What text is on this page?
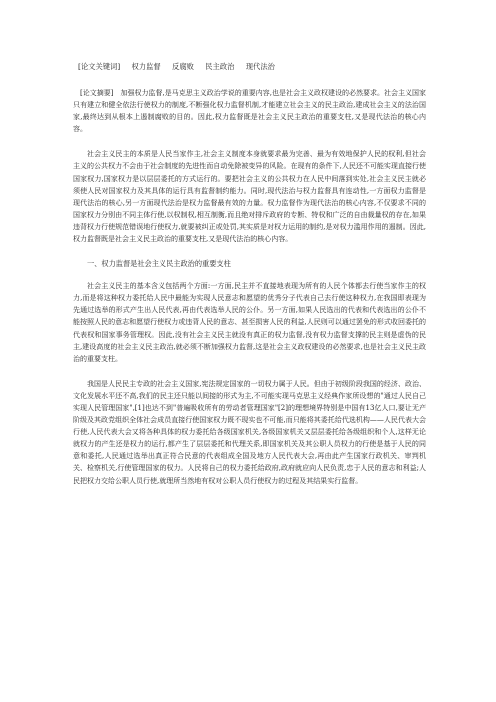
[论文关键词] 权力监督 反腐败 民主政治 现代法治

[论文摘要]　加强权力监督,是马克思主义政治学说的重要内容,也是社会主义政权建设的必然要求。社会主义国家只有建立和健全依法行使权力的制度,不断强化权力监督机制,才能建立社会主义的民主政治,建成社会主义的法治国家,最终达到从根本上遏制腐败的目的。因此,权力监督既是社会主义民主政治的重要支柱,又是现代法治的核心内容。

社会主义民主的本质是人民当家作主,社会主义制度本身就要求最为完善、最为有效地保护人民的权利,但社会主义的公共权力不会由于社会制度的先进性而自动免除被变异的风险。在现有的条件下,人民还不可能实现直接行使国家权力,国家权力是以层层委托的方式运行的。要把社会主义的公共权力在人民中间落到实处,社会主义民主就必须使人民对国家权力及其具体的运行具有监督制约能力。同时,现代法治与权力监督具有连动性,一方面权力监督是现代法治的核心,另一方面现代法治是权力监督最有效的力量。权力监督作为现代法治的核心内容,不仅要求不同的国家权力分别由不同主体行使,以权制权,相互制衡,而且绝对排斥政府的专断、特权和广泛的自由裁量权的存在,如果违背权力行使规范错误地行使权力,就要被纠正或处罚,其实质是对权力运用的制约,是对权力滥用作用的遏制。因此,权力监督既是社会主义民主政治的重要支柱,又是现代法治的核心内容。

一、权力监督是社会主义民主政治的重要支柱

社会主义民主的基本含义包括两个方面:一方面,民主并不直接地表现为所有的人民个体都去行使当家作主的权力,而是将这种权力委托给人民中最能为实现人民意志和愿望的优秀分子代表自己去行使这种权力,在我国即表现为先通过选举的形式产生出人民代表,再由代表选举人民的公仆。另一方面,如果人民选出的代表和代表选出的公仆不能按照人民的意志和愿望行使权力或违背人民的意志、甚至损害人民的利益,人民则可以通过罢免的形式收回委托的代表权和国家事务管理权。因此,没有社会主义民主就没有真正的权力监督,没有权力监督支撑的民主则是虚伪的民主,建设高度的社会主义民主政治,就必须不断加强权力监督,这是社会主义政权建设的必然要求,也是社会主义民主政治的重要支柱。

我国是人民民主专政的社会主义国家,宪法规定国家的一切权力属于人民。但由于初级阶段我国的经济、政治、文化发展水平还不高,我们的民主还只能以间接的形式为主,不可能实现马克思主义经典作家所设想的"通过人民自己实现人民管理国家",[1]也达不到"普遍吸收所有的劳动者管理国家"[2]的理想境界特别是中国有13亿人口,要让无产阶级及其政党组织全体社会成员直接行使国家权力既不现实也不可能,而只能将其委托给代选机构——人民代表大会行使,人民代表大会又将各种具体的权力委托给各级国家机关,各级国家机关又层层委托给各级组织和个人,这样无论就权力的产生还是权力的运行,都产生了层层委托和代理关系,即国家机关及其公职人员权力的行使是基于人民的同意和委托,人民通过选举出真正符合民意的代表组成全国及地方人民代表大会,再由此产生国家行政机关、审判机关、检察机关,行使管理国家的权力。人民将自己的权力委托给政府,政府就应向人民负责,忠于人民的意志和利益;人民把权力交给公职人员行使,就理所当然地有权对公职人员行使权力的过程及其结果实行监督。
